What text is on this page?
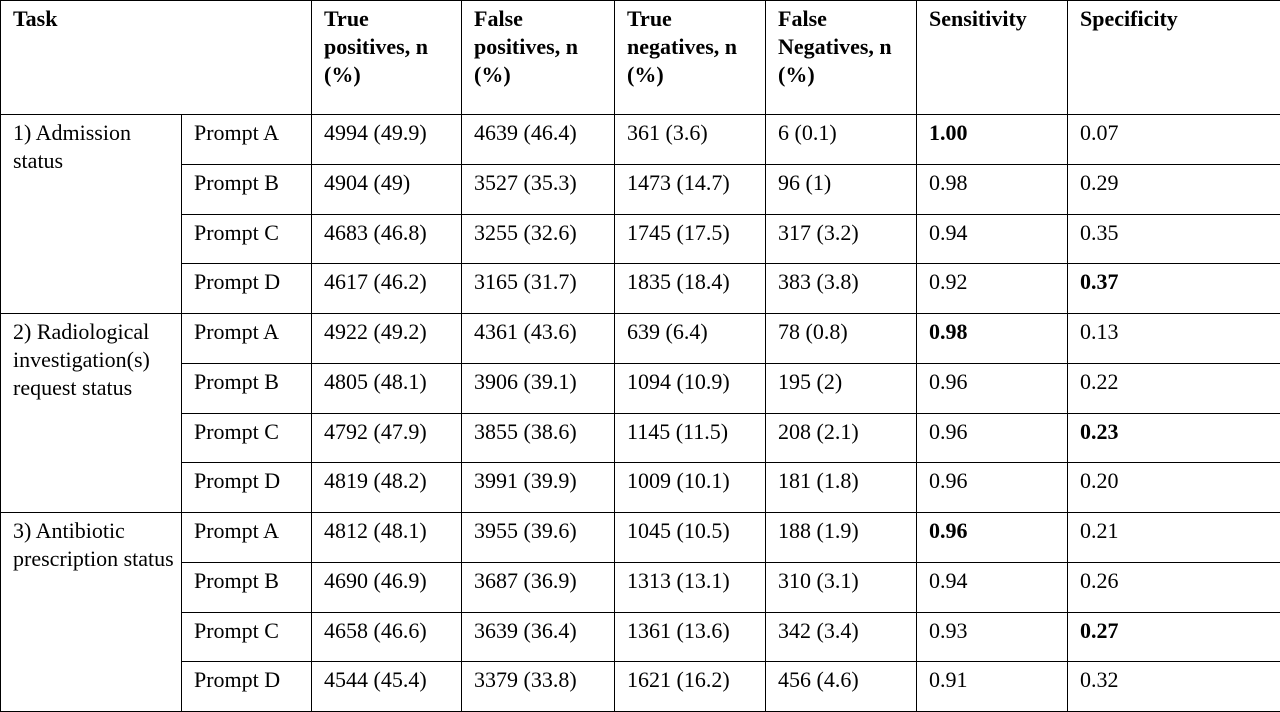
Task		True positives, n (%)	False positives, n (%)	True negatives, n (%)	False Negatives, n (%)	Sensitivity	Specificity
1) Admission status	Prompt A	4994 (49.9)	4639 (46.4)	361 (3.6)	6 (0.1)	1.00	0.07
	Prompt B	4904 (49)	3527 (35.3)	1473 (14.7)	96 (1)	0.98	0.29
	Prompt C	4683 (46.8)	3255 (32.6)	1745 (17.5)	317 (3.2)	0.94	0.35
	Prompt D	4617 (46.2)	3165 (31.7)	1835 (18.4)	383 (3.8)	0.92	0.37
2) Radiological investigation(s) request status	Prompt A	4922 (49.2)	4361 (43.6)	639 (6.4)	78 (0.8)	0.98	0.13
	Prompt B	4805 (48.1)	3906 (39.1)	1094 (10.9)	195 (2)	0.96	0.22
	Prompt C	4792 (47.9)	3855 (38.6)	1145 (11.5)	208 (2.1)	0.96	0.23
	Prompt D	4819 (48.2)	3991 (39.9)	1009 (10.1)	181 (1.8)	0.96	0.20
3) Antibiotic prescription status	Prompt A	4812 (48.1)	3955 (39.6)	1045 (10.5)	188 (1.9)	0.96	0.21
	Prompt B	4690 (46.9)	3687 (36.9)	1313 (13.1)	310 (3.1)	0.94	0.26
	Prompt C	4658 (46.6)	3639 (36.4)	1361 (13.6)	342 (3.4)	0.93	0.27
	Prompt D	4544 (45.4)	3379 (33.8)	1621 (16.2)	456 (4.6)	0.91	0.32
